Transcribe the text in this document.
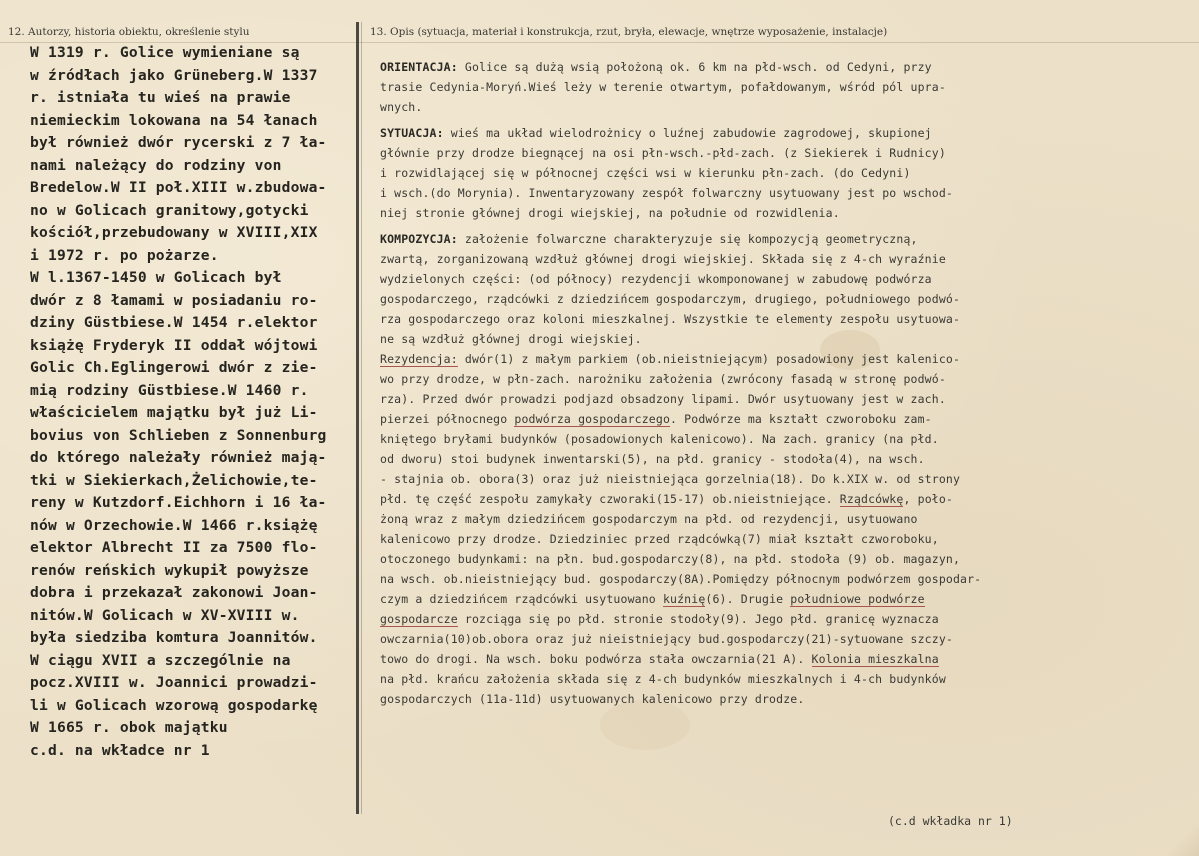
12. Autorzy, historia obiektu, określenie stylu	13. Opis (sytuacja, materiał i konstrukcja, rzut, bryła, elewacje, wnętrze wyposażenie, instalacje)
W 1319 r. Golice wymieniane są
w źródłach jako Grüneberg.W 1337
r. istniała tu wieś na prawie
niemieckim lokowana na 54 łanach
był również dwór rycerski z 7 ła-
nami należący do rodziny von
Bredelow.W II poł.XIII w.zbudowa-
no w Golicach granitowy,gotycki
kościół,przebudowany w XVIII,XIX
i 1972 r. po pożarze.
W l.1367-1450 w Golicach był
dwór z 8 łamami w posiadaniu ro-
dziny Güstbiese.W 1454 r.elektor
książę Fryderyk II oddał wójtowi
Golic Ch.Eglingerowi dwór z zie-
mią rodziny Güstbiese.W 1460 r.
właścicielem majątku był już Li-
bovius von Schlieben z Sonnenburg
do którego należały również mają-
tki w Siekierkach,Żelichowie,te-
reny w Kutzdorf.Eichhorn i 16 ła-
nów w Orzechowie.W 1466 r.książę
elektor Albrecht II za 7500 flo-
renów reńskich wykupił powyższe
dobra i przekazał zakonowi Joan-
nitów.W Golicach w XV-XVIII w.
była siedziba komtura Joannitów.
W ciągu XVII a szczególnie na
pocz.XVIII w. Joannici prowadzi-
li w Golicach wzorową gospodarkę
W 1665 r. obok majątku
c.d. na wkładce nr 1
ORIENTACJA: Golice są dużą wsią położoną ok. 6 km na płd-wsch. od Cedyni, przy
trasie Cedynia-Moryń.Wieś leży w terenie otwartym, pofałdowanym, wśród pól upra-
wnych.
SYTUACJA: wieś ma układ wielodrożnicy o luźnej zabudowie zagrodowej, skupionej
głównie przy drodze biegnącej na osi płn-wsch.-płd-zach. (z Siekierek i Rudnicy)
i rozwidlającej się w północnej części wsi w kierunku płn-zach. (do Cedyni)
i wsch.(do Morynia). Inwentaryzowany zespół folwarczny usytuowany jest po wschod-
niej stronie głównej drogi wiejskiej, na południe od rozwidlenia.
KOMPOZYCJA: założenie folwarczne charakteryzuje się kompozycją geometryczną,
zwartą, zorganizowaną wzdłuż głównej drogi wiejskiej. Składa się z 4-ch wyraźnie
wydzielonych części: (od północy) rezydencji wkomponowanej w zabudowę podwórza
gospodarczego, rządcówki z dziedzińcem gospodarczym, drugiego, południowego podwó-
rza gospodarczego oraz koloni mieszkalnej. Wszystkie te elementy zespołu usytuowa-
ne są wzdłuż głównej drogi wiejskiej.
Rezydencja: dwór(1) z małym parkiem (ob.nieistniejącym) posadowiony jest kalenico-
wo przy drodze, w płn-zach. narożniku założenia (zwrócony fasadą w stronę podwó-
rza). Przed dwór prowadzi podjazd obsadzony lipami. Dwór usytuowany jest w zach.
pierzei północnego podwórza gospodarczego. Podwórze ma kształt czworoboku zam-
kniętego bryłami budynków (posadowionych kalenicowo). Na zach. granicy (na płd.
od dworu) stoi budynek inwentarski(5), na płd. granicy - stodoła(4), na wsch.
- stajnia ob. obora(3) oraz już nieistniejąca gorzelnia(18). Do k.XIX w. od strony
płd. tę część zespołu zamykały czworaki(15-17) ob.nieistniejące. Rządcówkę, poło-
żoną wraz z małym dziedzińcem gospodarczym na płd. od rezydencji, usytuowano
kalenicowo przy drodze. Dziedziniec przed rządcówką(7) miał kształt czworoboku,
otoczonego budynkami: na płn. bud.gospodarczy(8), na płd. stodoła (9) ob. magazyn,
na wsch. ob.nieistniejący bud. gospodarczy(8A).Pomiędzy północnym podwórzem gospodar-
czym a dziedzińcem rządcówki usytuowano kuźnię(6). Drugie południowe podwórze
gospodarcze rozciąga się po płd. stronie stodoły(9). Jego płd. granicę wyznacza
owczarnia(10)ob.obora oraz już nieistniejący bud.gospodarczy(21)-sytuowane szczy-
towo do drogi. Na wsch. boku podwórza stała owczarnia(21 A). Kolonia mieszkalna
na płd. krańcu założenia składa się z 4-ch budynków mieszkalnych i 4-ch budynków
gospodarczych (11a-11d) usytuowanych kalenicowo przy drodze.
(c.d wkładka nr 1)
